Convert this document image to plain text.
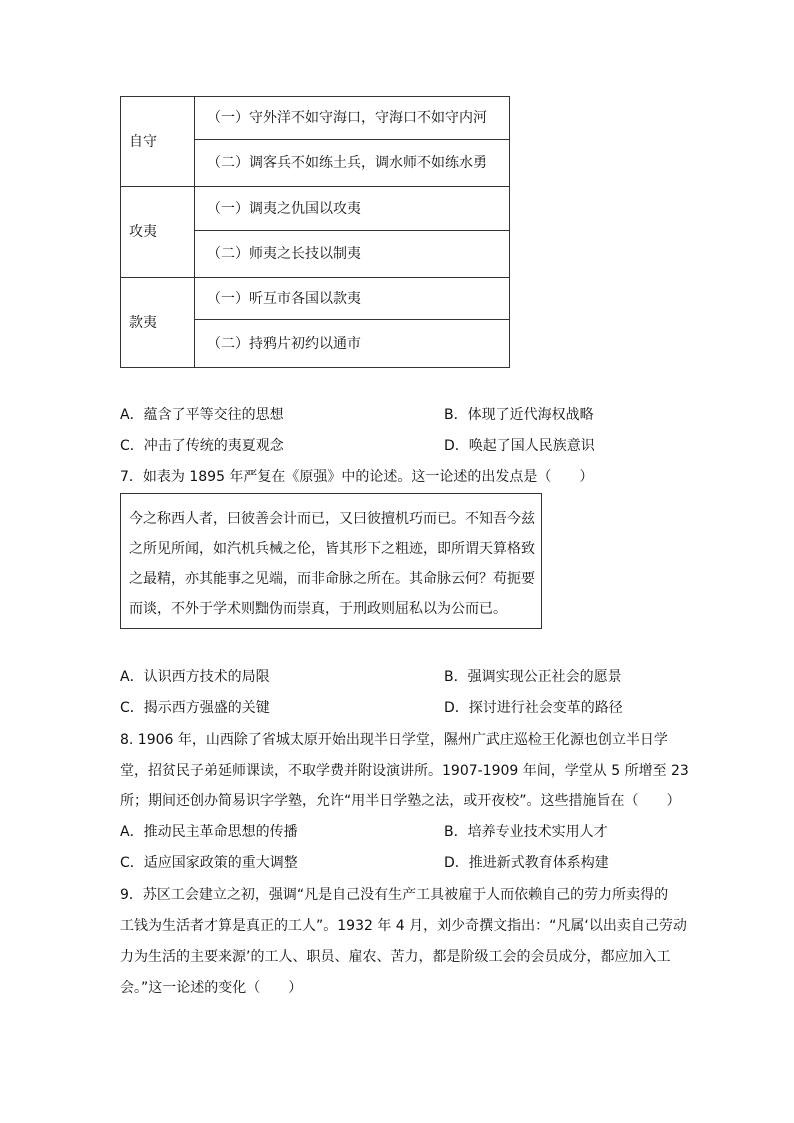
自守	（一）守外洋不如守海口，守海口不如守内河
	（二）调客兵不如练土兵，调水师不如练水勇
攻夷	（一）调夷之仇国以攻夷
	（二）师夷之长技以制夷
款夷	（一）听互市各国以款夷
	（二）持鸦片初约以通市
A．蕴含了平等交往的思想	B．体现了近代海权战略
C．冲击了传统的夷夏观念	D．唤起了国人民族意识
7．如表为 1895 年严复在《原强》中的论述。这一论述的出发点是（　　）
今之称西人者，曰彼善会计而已，又曰彼擅机巧而已。不知吾今兹
之所见所闻，如汽机兵械之伦，皆其形下之粗迹，即所谓天算格致
之最精，亦其能事之见端，而非命脉之所在。其命脉云何？苟扼要
而谈，不外于学术则黜伪而崇真，于刑政则屈私以为公而已。
A．认识西方技术的局限	B．强调实现公正社会的愿景
C．揭示西方强盛的关键	D．探讨进行社会变革的路径
8. 1906 年，山西除了省城太原开始出现半日学堂，隰州广武庄巡检王化源也创立半日学
堂，招贫民子弟延师课读，不取学费并附设演讲所。1907-1909 年间，学堂从 5 所增至 23
所；期间还创办简易识字学塾，允许“用半日学塾之法，或开夜校”。这些措施旨在（　　）
A．推动民主革命思想的传播	B．培养专业技术实用人才
C．适应国家政策的重大调整	D．推进新式教育体系构建
9．苏区工会建立之初，强调“凡是自己没有生产工具被雇于人而依赖自己的劳力所卖得的
工钱为生活者才算是真正的工人”。1932 年 4 月，刘少奇撰文指出：“凡属‘以出卖自己劳动
力为生活的主要来源’的工人、职员、雇农、苦力，都是阶级工会的会员成分，都应加入工
会。”这一论述的变化（　　）
